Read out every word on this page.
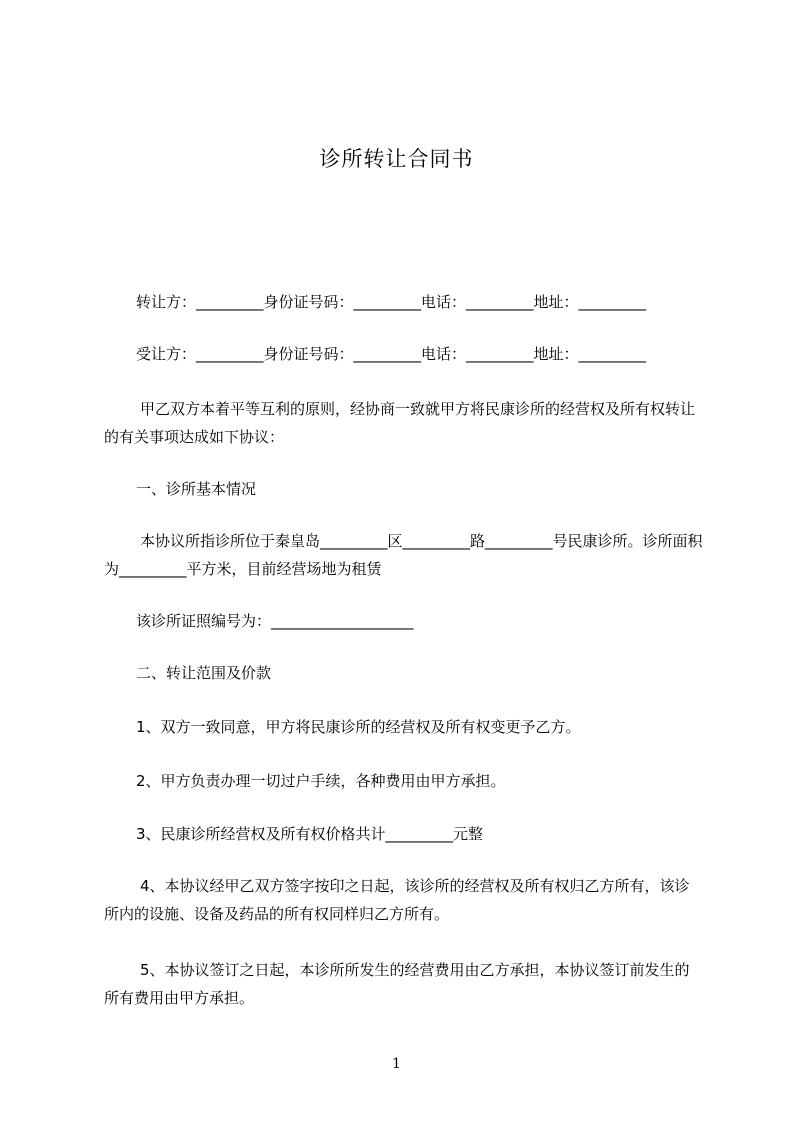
诊所转让合同书
转让方：_________身份证号码：_________电话：_________地址：_________
受让方：_________身份证号码：_________电话：_________地址：_________
甲乙双方本着平等互利的原则，经协商一致就甲方将民康诊所的经营权及所有权转让的有关事项达成如下协议：
一、诊所基本情况
本协议所指诊所位于秦皇岛_________区_________路_________号民康诊所。诊所面积为_________平方米，目前经营场地为租赁
该诊所证照编号为：___________________
二、转让范围及价款
1、双方一致同意，甲方将民康诊所的经营权及所有权变更予乙方。
2、甲方负责办理一切过户手续，各种费用由甲方承担。
3、民康诊所经营权及所有权价格共计_________元整
4、本协议经甲乙双方签字按印之日起，该诊所的经营权及所有权归乙方所有，该诊所内的设施、设备及药品的所有权同样归乙方所有。
5、本协议签订之日起，本诊所所发生的经营费用由乙方承担，本协议签订前发生的所有费用由甲方承担。
1
